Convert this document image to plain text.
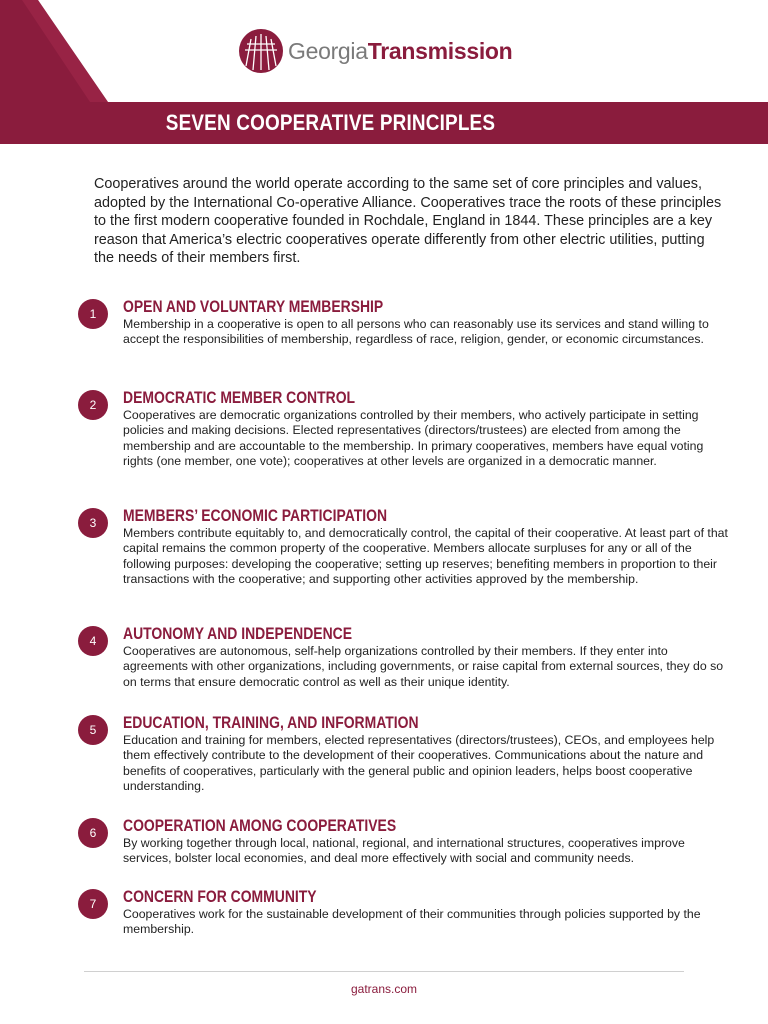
GeorgiaTransmission
SEVEN COOPERATIVE PRINCIPLES

Cooperatives around the world operate according to the same set of core principles and values, adopted by the International Co-operative Alliance. Cooperatives trace the roots of these principles to the first modern cooperative founded in Rochdale, England in 1844. These principles are a key reason that America’s electric cooperatives operate differently from other electric utilities, putting the needs of their members first.

1	OPEN AND VOLUNTARY MEMBERSHIP

Membership in a cooperative is open to all persons who can reasonably use its services and stand willing to accept the responsibilities of membership, regardless of race, religion, gender, or economic circumstances.

2	DEMOCRATIC MEMBER CONTROL

Cooperatives are democratic organizations controlled by their members, who actively participate in setting policies and making decisions. Elected representatives (directors/trustees) are elected from among the membership and are accountable to the membership. In primary cooperatives, members have equal voting rights (one member, one vote); cooperatives at other levels are organized in a democratic manner.

3	MEMBERS’ ECONOMIC PARTICIPATION

Members contribute equitably to, and democratically control, the capital of their cooperative. At least part of that capital remains the common property of the cooperative. Members allocate surpluses for any or all of the following purposes: developing the cooperative; setting up reserves; benefiting members in proportion to their transactions with the cooperative; and supporting other activities approved by the membership.

4	AUTONOMY AND INDEPENDENCE

Cooperatives are autonomous, self-help organizations controlled by their members. If they enter into agreements with other organizations, including governments, or raise capital from external sources, they do so on terms that ensure democratic control as well as their unique identity.

5	EDUCATION, TRAINING, AND INFORMATION

Education and training for members, elected representatives (directors/trustees), CEOs, and employees help them effectively contribute to the development of their cooperatives. Communications about the nature and benefits of cooperatives, particularly with the general public and opinion leaders, helps boost cooperative understanding.

6	COOPERATION AMONG COOPERATIVES

By working together through local, national, regional, and international structures, cooperatives improve services, bolster local economies, and deal more effectively with social and community needs.

7	CONCERN FOR COMMUNITY

Cooperatives work for the sustainable development of their communities through policies supported by the membership.

gatrans.com
